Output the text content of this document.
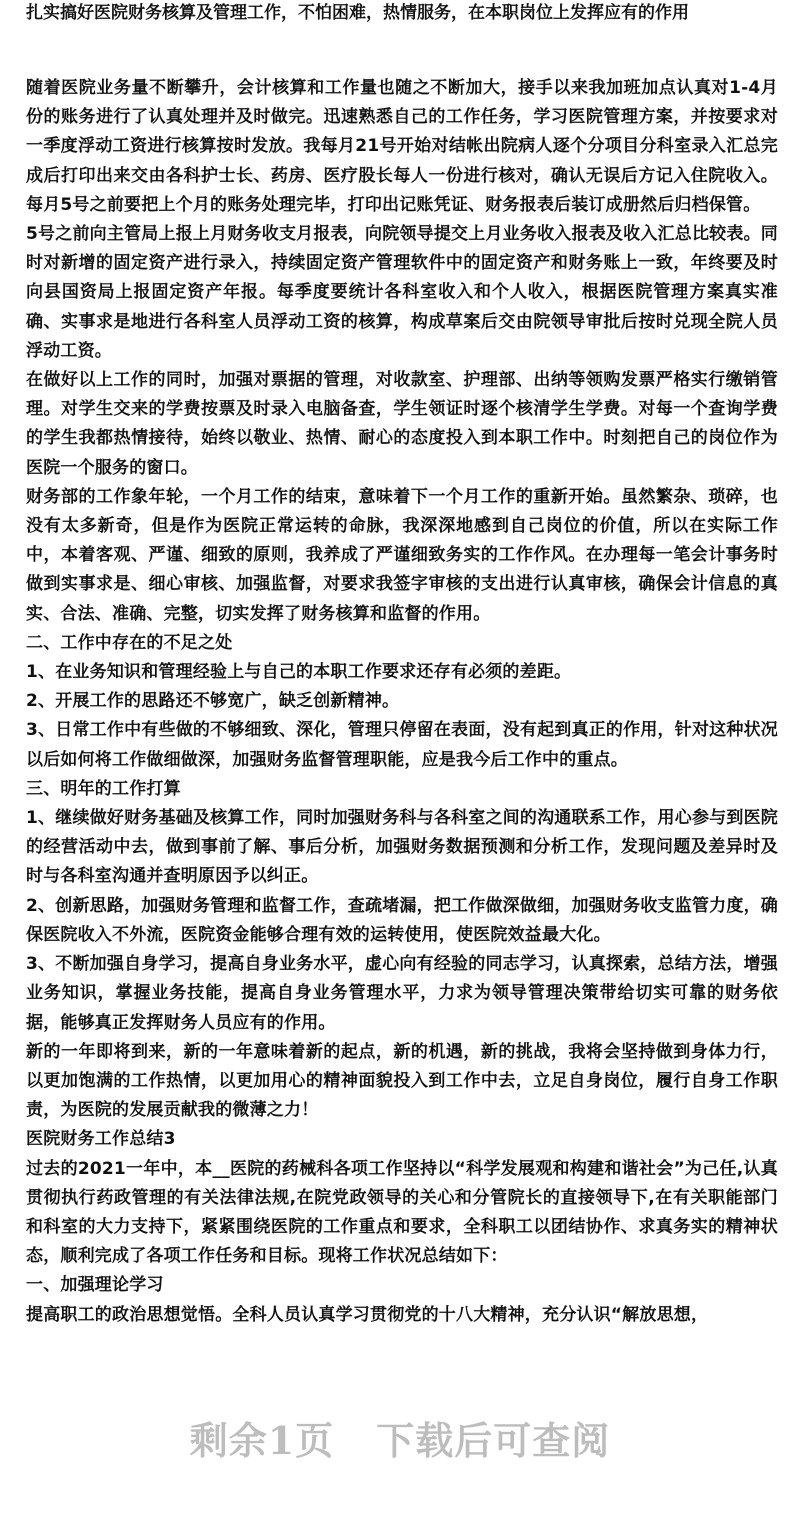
扎实搞好医院财务核算及管理工作，不怕困难，热情服务，在本职岗位上发挥应有的作用

随着医院业务量不断攀升，会计核算和工作量也随之不断加大，接手以来我加班加点认真对1-4月份的账务进行了认真处理并及时做完。迅速熟悉自己的工作任务，学习医院管理方案，并按要求对一季度浮动工资进行核算按时发放。我每月21号开始对结帐出院病人逐个分项目分科室录入汇总完成后打印出来交由各科护士长、药房、医疗股长每人一份进行核对，确认无误后方记入住院收入。每月5号之前要把上个月的账务处理完毕，打印出记账凭证、财务报表后装订成册然后归档保管。

5号之前向主管局上报上月财务收支月报表，向院领导提交上月业务收入报表及收入汇总比较表。同时对新增的固定资产进行录入，持续固定资产管理软件中的固定资产和财务账上一致，年终要及时向县国资局上报固定资产年报。每季度要统计各科室收入和个人收入，根据医院管理方案真实准确、实事求是地进行各科室人员浮动工资的核算，构成草案后交由院领导审批后按时兑现全院人员浮动工资。

在做好以上工作的同时，加强对票据的管理，对收款室、护理部、出纳等领购发票严格实行缴销管理。对学生交来的学费按票及时录入电脑备查，学生领证时逐个核清学生学费。对每一个查询学费的学生我都热情接待，始终以敬业、热情、耐心的态度投入到本职工作中。时刻把自己的岗位作为医院一个服务的窗口。

财务部的工作象年轮，一个月工作的结束，意味着下一个月工作的重新开始。虽然繁杂、琐碎，也没有太多新奇，但是作为医院正常运转的命脉，我深深地感到自己岗位的价值，所以在实际工作中，本着客观、严谨、细致的原则，我养成了严谨细致务实的工作作风。在办理每一笔会计事务时做到实事求是、细心审核、加强监督，对要求我签字审核的支出进行认真审核，确保会计信息的真实、合法、准确、完整，切实发挥了财务核算和监督的作用。

二、工作中存在的不足之处

1、在业务知识和管理经验上与自己的本职工作要求还存有必须的差距。

2、开展工作的思路还不够宽广，缺乏创新精神。

3、日常工作中有些做的不够细致、深化，管理只停留在表面，没有起到真正的作用，针对这种状况以后如何将工作做细做深，加强财务监督管理职能，应是我今后工作中的重点。

三、明年的工作打算

1、继续做好财务基础及核算工作，同时加强财务科与各科室之间的沟通联系工作，用心参与到医院的经营活动中去，做到事前了解、事后分析，加强财务数据预测和分析工作，发现问题及差异时及时与各科室沟通并查明原因予以纠正。

2、创新思路，加强财务管理和监督工作，查疏堵漏，把工作做深做细，加强财务收支监管力度，确保医院收入不外流，医院资金能够合理有效的运转使用，使医院效益最大化。

3、不断加强自身学习，提高自身业务水平，虚心向有经验的同志学习，认真探索，总结方法，增强业务知识，掌握业务技能，提高自身业务管理水平，力求为领导管理决策带给切实可靠的财务依据，能够真正发挥财务人员应有的作用。

新的一年即将到来，新的一年意味着新的起点，新的机遇，新的挑战，我将会坚持做到身体力行，以更加饱满的工作热情，以更加用心的精神面貌投入到工作中去，立足自身岗位，履行自身工作职责，为医院的发展贡献我的微薄之力！

医院财务工作总结3

过去的2021一年中，本__医院的药械科各项工作坚持以“科学发展观和构建和谐社会”为己任,认真贯彻执行药政管理的有关法律法规,在院党政领导的关心和分管院长的直接领导下,在有关职能部门和科室的大力支持下，紧紧围绕医院的工作重点和要求，全科职工以团结协作、求真务实的精神状态，顺利完成了各项工作任务和目标。现将工作状况总结如下：

一、加强理论学习

提高职工的政治思想觉悟。全科人员认真学习贯彻党的十八大精神，充分认识“解放思想，

剩余1页 下载后可查阅
